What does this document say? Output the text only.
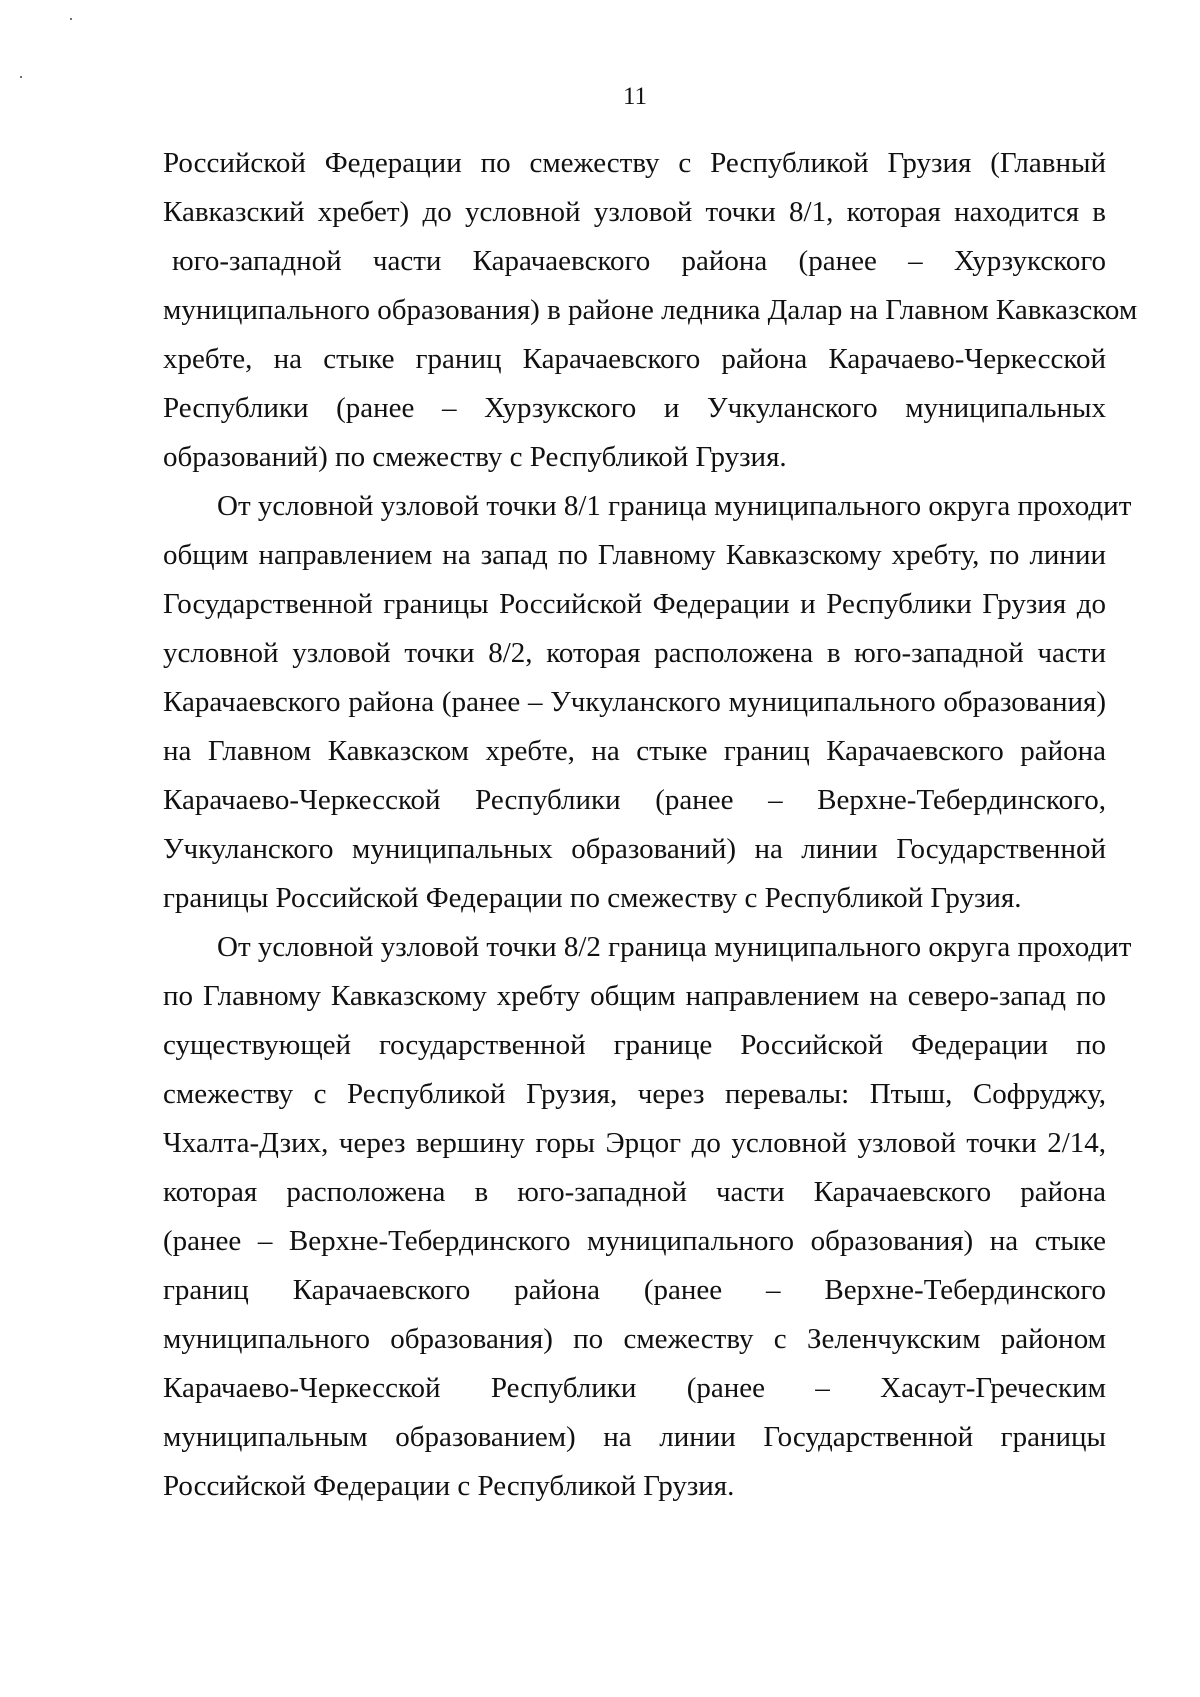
11
Российской Федерации по смежеству с Республикой Грузия (Главный
Кавказский хребет) до условной узловой точки 8/1, которая находится в
юго-западной части Карачаевского района (ранее – Хурзукского
муниципального образования) в районе ледника Далар на Главном Кавказском
хребте, на стыке границ Карачаевского района Карачаево-Черкесской
Республики (ранее – Хурзукского и Учкуланского муниципальных
образований) по смежеству с Республикой Грузия.
От условной узловой точки 8/1 граница муниципального округа проходит
общим направлением на запад по Главному Кавказскому хребту, по линии
Государственной границы Российской Федерации и Республики Грузия до
условной узловой точки 8/2, которая расположена в юго-западной части
Карачаевского района (ранее – Учкуланского муниципального образования)
на Главном Кавказском хребте, на стыке границ Карачаевского района
Карачаево-Черкесской Республики (ранее – Верхне-Тебердинского,
Учкуланского муниципальных образований) на линии Государственной
границы Российской Федерации по смежеству с Республикой Грузия.
От условной узловой точки 8/2 граница муниципального округа проходит
по Главному Кавказскому хребту общим направлением на северо-запад по
существующей государственной границе Российской Федерации по
смежеству с Республикой Грузия, через перевалы: Птыш, Софруджу,
Чхалта-Дзих, через вершину горы Эрцог до условной узловой точки 2/14,
которая расположена в юго-западной части Карачаевского района
(ранее – Верхне-Тебердинского муниципального образования) на стыке
границ Карачаевского района (ранее – Верхне-Тебердинского
муниципального образования) по смежеству с Зеленчукским районом
Карачаево-Черкесской Республики (ранее – Хасаут-Греческим
муниципальным образованием) на линии Государственной границы
Российской Федерации с Республикой Грузия.
